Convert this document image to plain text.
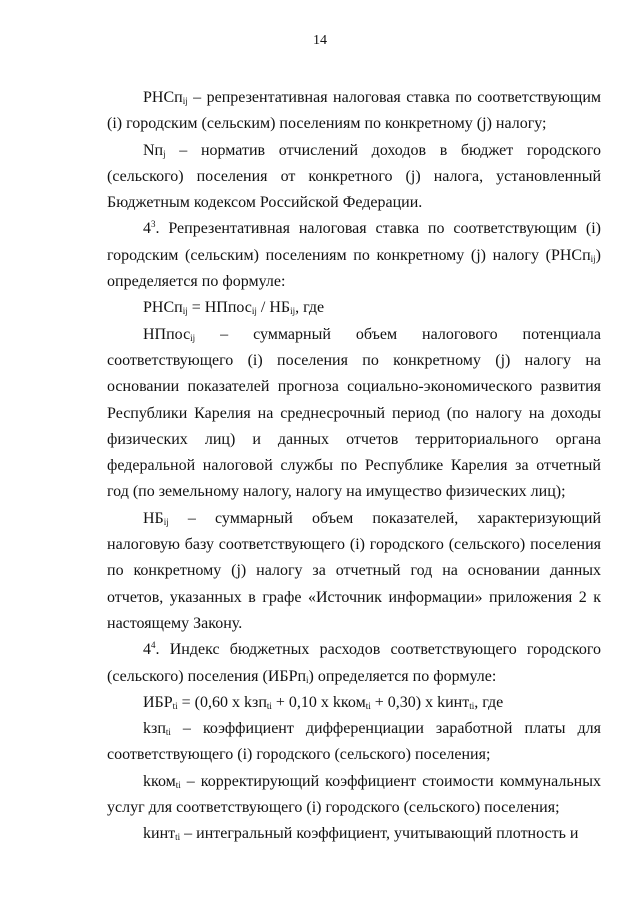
14

РНСп$_{ij}$ – репрезентативная налоговая ставка по соответствующим (i) городским (сельским) поселениям по конкретному (j) налогу;

$Nп_j$ – норматив отчислений доходов в бюджет городского (сельского) поселения от конкретного (j) налога, установленный Бюджетным кодексом Российской Федерации.

$4^3$. Репрезентативная налоговая ставка по соответствующим (i) городским (сельским) поселениям по конкретному (j) налогу (РНСп$_{ij}$) определяется по формуле:

РНСп$_{ij}$ = НПпос$_{ij}$ / $НБ_{ij}$, где

НПпос$_{ij}$ – суммарный объем налогового потенциала соответствующего (i) поселения по конкретному (j) налогу на основании показателей прогноза социально-экономического развития Республики Карелия на среднесрочный период (по налогу на доходы физических лиц) и данных отчетов территориального органа федеральной налоговой службы по Республике Карелия за отчетный год (по земельному налогу, налогу на имущество физических лиц);

$НБ_{ij}$ – суммарный объем показателей, характеризующий налоговую базу соответствующего (i) городского (сельского) поселения по конкретному (j) налогу за отчетный год на основании данных отчетов, указанных в графе «Источник информации» приложения 2 к настоящему Закону.

$4^4$. Индекс бюджетных расходов соответствующего городского (сельского) поселения (ИБРп$_i$) определяется по формуле:

$ИБР_{ti} = (0,60$ х kзп$_{ti}$ + 0,10 х kком$_{ti}$ + 0,30) х kинт$_{ti}$, где

kзп$_{ti}$ – коэффициент дифференциации заработной платы для соответствующего (i) городского (сельского) поселения;

kком$_{ti}$ – корректирующий коэффициент стоимости коммунальных услуг для соответствующего (i) городского (сельского) поселения;

kинт$_{ti}$ – интегральный коэффициент, учитывающий плотность и
